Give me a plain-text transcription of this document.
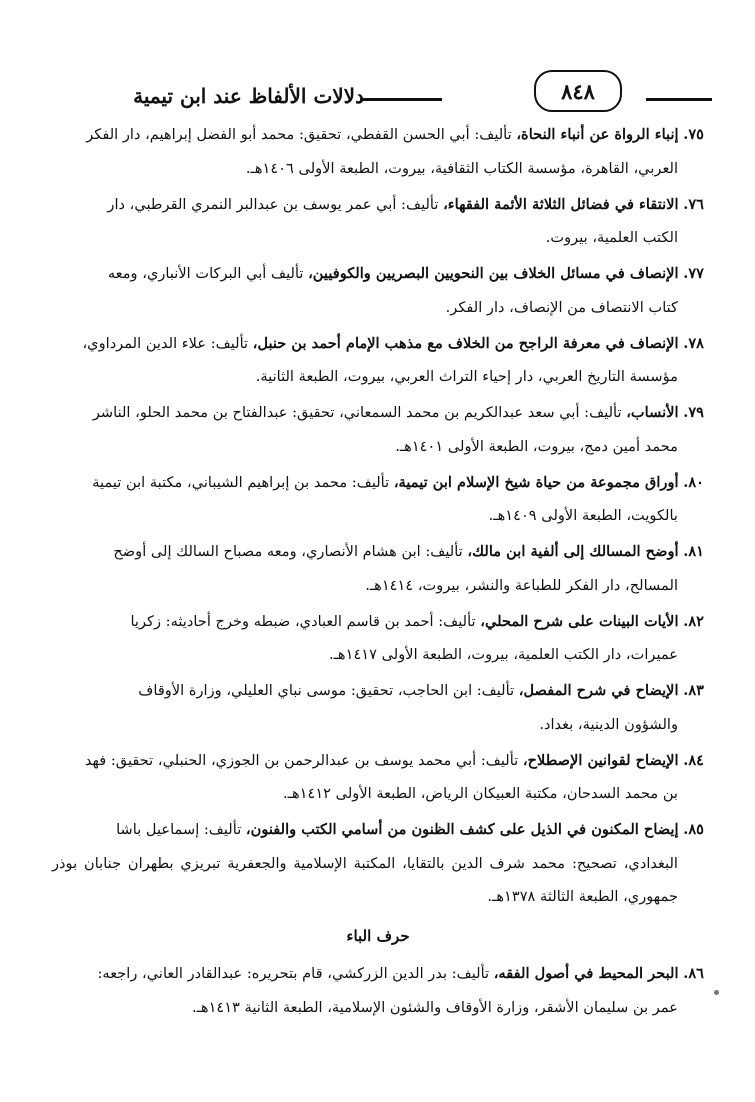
٨٤٨
دلالات الألفاظ عند ابن تيمية
٧٥. إنباء الرواة عن أنباء النحاة، تأليف: أبي الحسن القفطي، تحقيق: محمد أبو الفضل إبراهيم، دار الفكر
العربي، القاهرة، مؤسسة الكتاب الثقافية، بيروت، الطبعة الأولى ١٤٠٦هـ.
٧٦. الانتقاء في فضائل الثلاثة الأئمة الفقهاء، تأليف: أبي عمر يوسف بن عبدالبر النمري القرطبي، دار
الكتب العلمية، بيروت.
٧٧. الإنصاف في مسائل الخلاف بين النحويين البصريين والكوفيين، تأليف أبي البركات الأنباري، ومعه
كتاب الانتصاف من الإنصاف، دار الفكر.
٧٨. الإنصاف في معرفة الراجح من الخلاف مع مذهب الإمام أحمد بن حنبل، تأليف: علاء الدين المرداوي،
مؤسسة التاريخ العربي، دار إحياء التراث العربي، بيروت، الطبعة الثانية.
٧٩. الأنساب، تأليف: أبي سعد عبدالكريم بن محمد السمعاني، تحقيق: عبدالفتاح بن محمد الحلو، الناشر
محمد أمين دمج، بيروت، الطبعة الأولى ١٤٠١هـ.
٨٠. أوراق مجموعة من حياة شيخ الإسلام ابن تيمية، تأليف: محمد بن إبراهيم الشيباني، مكتبة ابن تيمية
بالكويت، الطبعة الأولى ١٤٠٩هـ.
٨١. أوضح المسالك إلى ألفية ابن مالك، تأليف: ابن هشام الأنصاري، ومعه مصباح السالك إلى أوضح
المسالح، دار الفكر للطباعة والنشر، بيروت، ١٤١٤هـ.
٨٢. الأيات البينات على شرح المحلي، تأليف: أحمد بن قاسم العبادي، ضبطه وخرج أحاديثه: زكريا
عميرات، دار الكتب العلمية، بيروت، الطبعة الأولى ١٤١٧هـ.
٨٣. الإيضاح في شرح المفصل، تأليف: ابن الحاجب، تحقيق: موسى نباي العليلي، وزارة الأوقاف
والشؤون الدينية، بغداد.
٨٤. الإيضاح لقوانين الإصطلاح، تأليف: أبي محمد يوسف بن عبدالرحمن بن الجوزي، الحنبلي، تحقيق: فهد
بن محمد السدحان، مكتبة العبيكان الرياض، الطبعة الأولى ١٤١٢هـ.
٨٥. إيضاح المكنون في الذيل على كشف الظنون من أسامي الكتب والفنون، تأليف: إسماعيل باشا
البغدادي، تصحيح: محمد شرف الدين بالتقايا، المكتبة الإسلامية والجعفرية تبريزي بطهران جنابان بوذر جمهوري، الطبعة الثالثة ١٣٧٨هـ.
حرف الباء
٨٦. البحر المحيط في أصول الفقه، تأليف: بدر الدين الزركشي، قام بتحريره: عبدالقادر العاني، راجعه:
عمر بن سليمان الأشقر، وزارة الأوقاف والشئون الإسلامية، الطبعة الثانية ١٤١٣هـ.
